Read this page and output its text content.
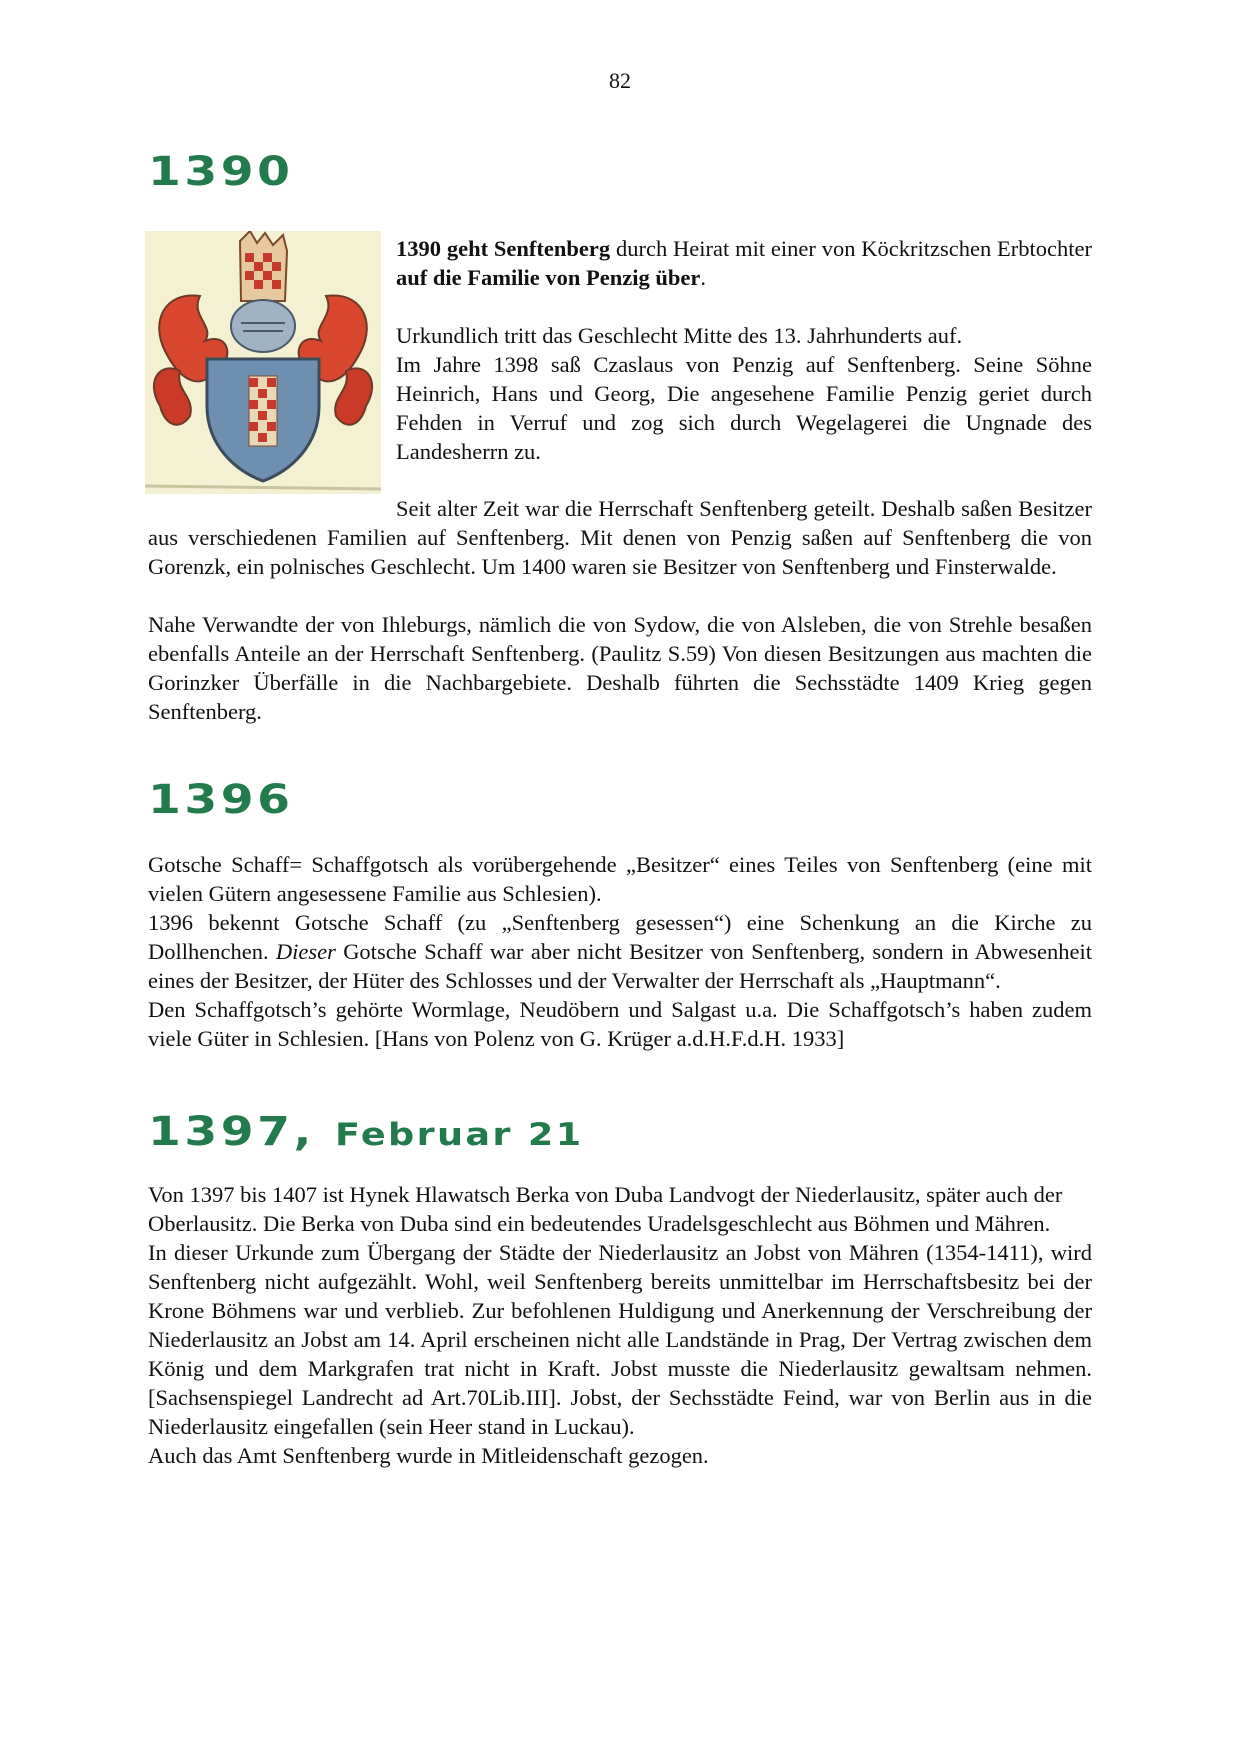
82
1390

1390 geht Senftenberg durch Heirat mit einer von Köckritzschen Erbtochter auf die Familie von Penzig über.

Urkundlich tritt das Geschlecht Mitte des 13. Jahrhunderts auf.

Im Jahre 1398 saß Czaslaus von Penzig auf Senftenberg. Seine Söhne Heinrich, Hans und Georg, Die angesehene Familie Penzig geriet durch Fehden in Verruf und zog sich durch Wegelagerei die Ungnade des Landesherrn zu.

Seit alter Zeit war die Herrschaft Senftenberg geteilt. Deshalb saßen Besitzer aus verschiedenen Familien auf Senftenberg. Mit denen von Penzig saßen auf Senftenberg die von Gorenzk, ein polnisches Geschlecht. Um 1400 waren sie Besitzer von Senftenberg und Finsterwalde.

Nahe Verwandte der von Ihleburgs, nämlich die von Sydow, die von Alsleben, die von Strehle besaßen ebenfalls Anteile an der Herrschaft Senftenberg. (Paulitz S.59) Von diesen Besitzungen aus machten die Gorinzker Überfälle in die Nachbargebiete. Deshalb führten die Sechsstädte 1409 Krieg gegen Senftenberg.

1396

Gotsche Schaff= Schaffgotsch als vorübergehende „Besitzer“ eines Teiles von Senftenberg (eine mit vielen Gütern angesessene Familie aus Schlesien).

1396 bekennt Gotsche Schaff (zu „Senftenberg gesessen“) eine Schenkung an die Kirche zu Dollhenchen. Dieser Gotsche Schaff war aber nicht Besitzer von Senftenberg, sondern in Abwesenheit eines der Besitzer, der Hüter des Schlosses und der Verwalter der Herrschaft als „Hauptmann“.

Den Schaffgotsch’s gehörte Wormlage, Neudöbern und Salgast u.a. Die Schaffgotsch’s haben zudem viele Güter in Schlesien. [Hans von Polenz von G. Krüger a.d.H.F.d.H. 1933]

1397, Februar 21

Von 1397 bis 1407 ist Hynek Hlawatsch Berka von Duba Landvogt der Niederlausitz, später auch der Oberlausitz. Die Berka von Duba sind ein bedeutendes Uradelsgeschlecht aus Böhmen und Mähren.

In dieser Urkunde zum Übergang der Städte der Niederlausitz an Jobst von Mähren (1354-1411), wird Senftenberg nicht aufgezählt. Wohl, weil Senftenberg bereits unmittelbar im Herrschaftsbesitz bei der Krone Böhmens war und verblieb. Zur befohlenen Huldigung und Anerkennung der Verschreibung der Niederlausitz an Jobst am 14. April erscheinen nicht alle Landstände in Prag, Der Vertrag zwischen dem König und dem Markgrafen trat nicht in Kraft. Jobst musste die Niederlausitz gewaltsam nehmen. [Sachsenspiegel Landrecht ad Art.70Lib.III]. Jobst, der Sechsstädte Feind, war von Berlin aus in die Niederlausitz eingefallen (sein Heer stand in Luckau).

Auch das Amt Senftenberg wurde in Mitleidenschaft gezogen.
